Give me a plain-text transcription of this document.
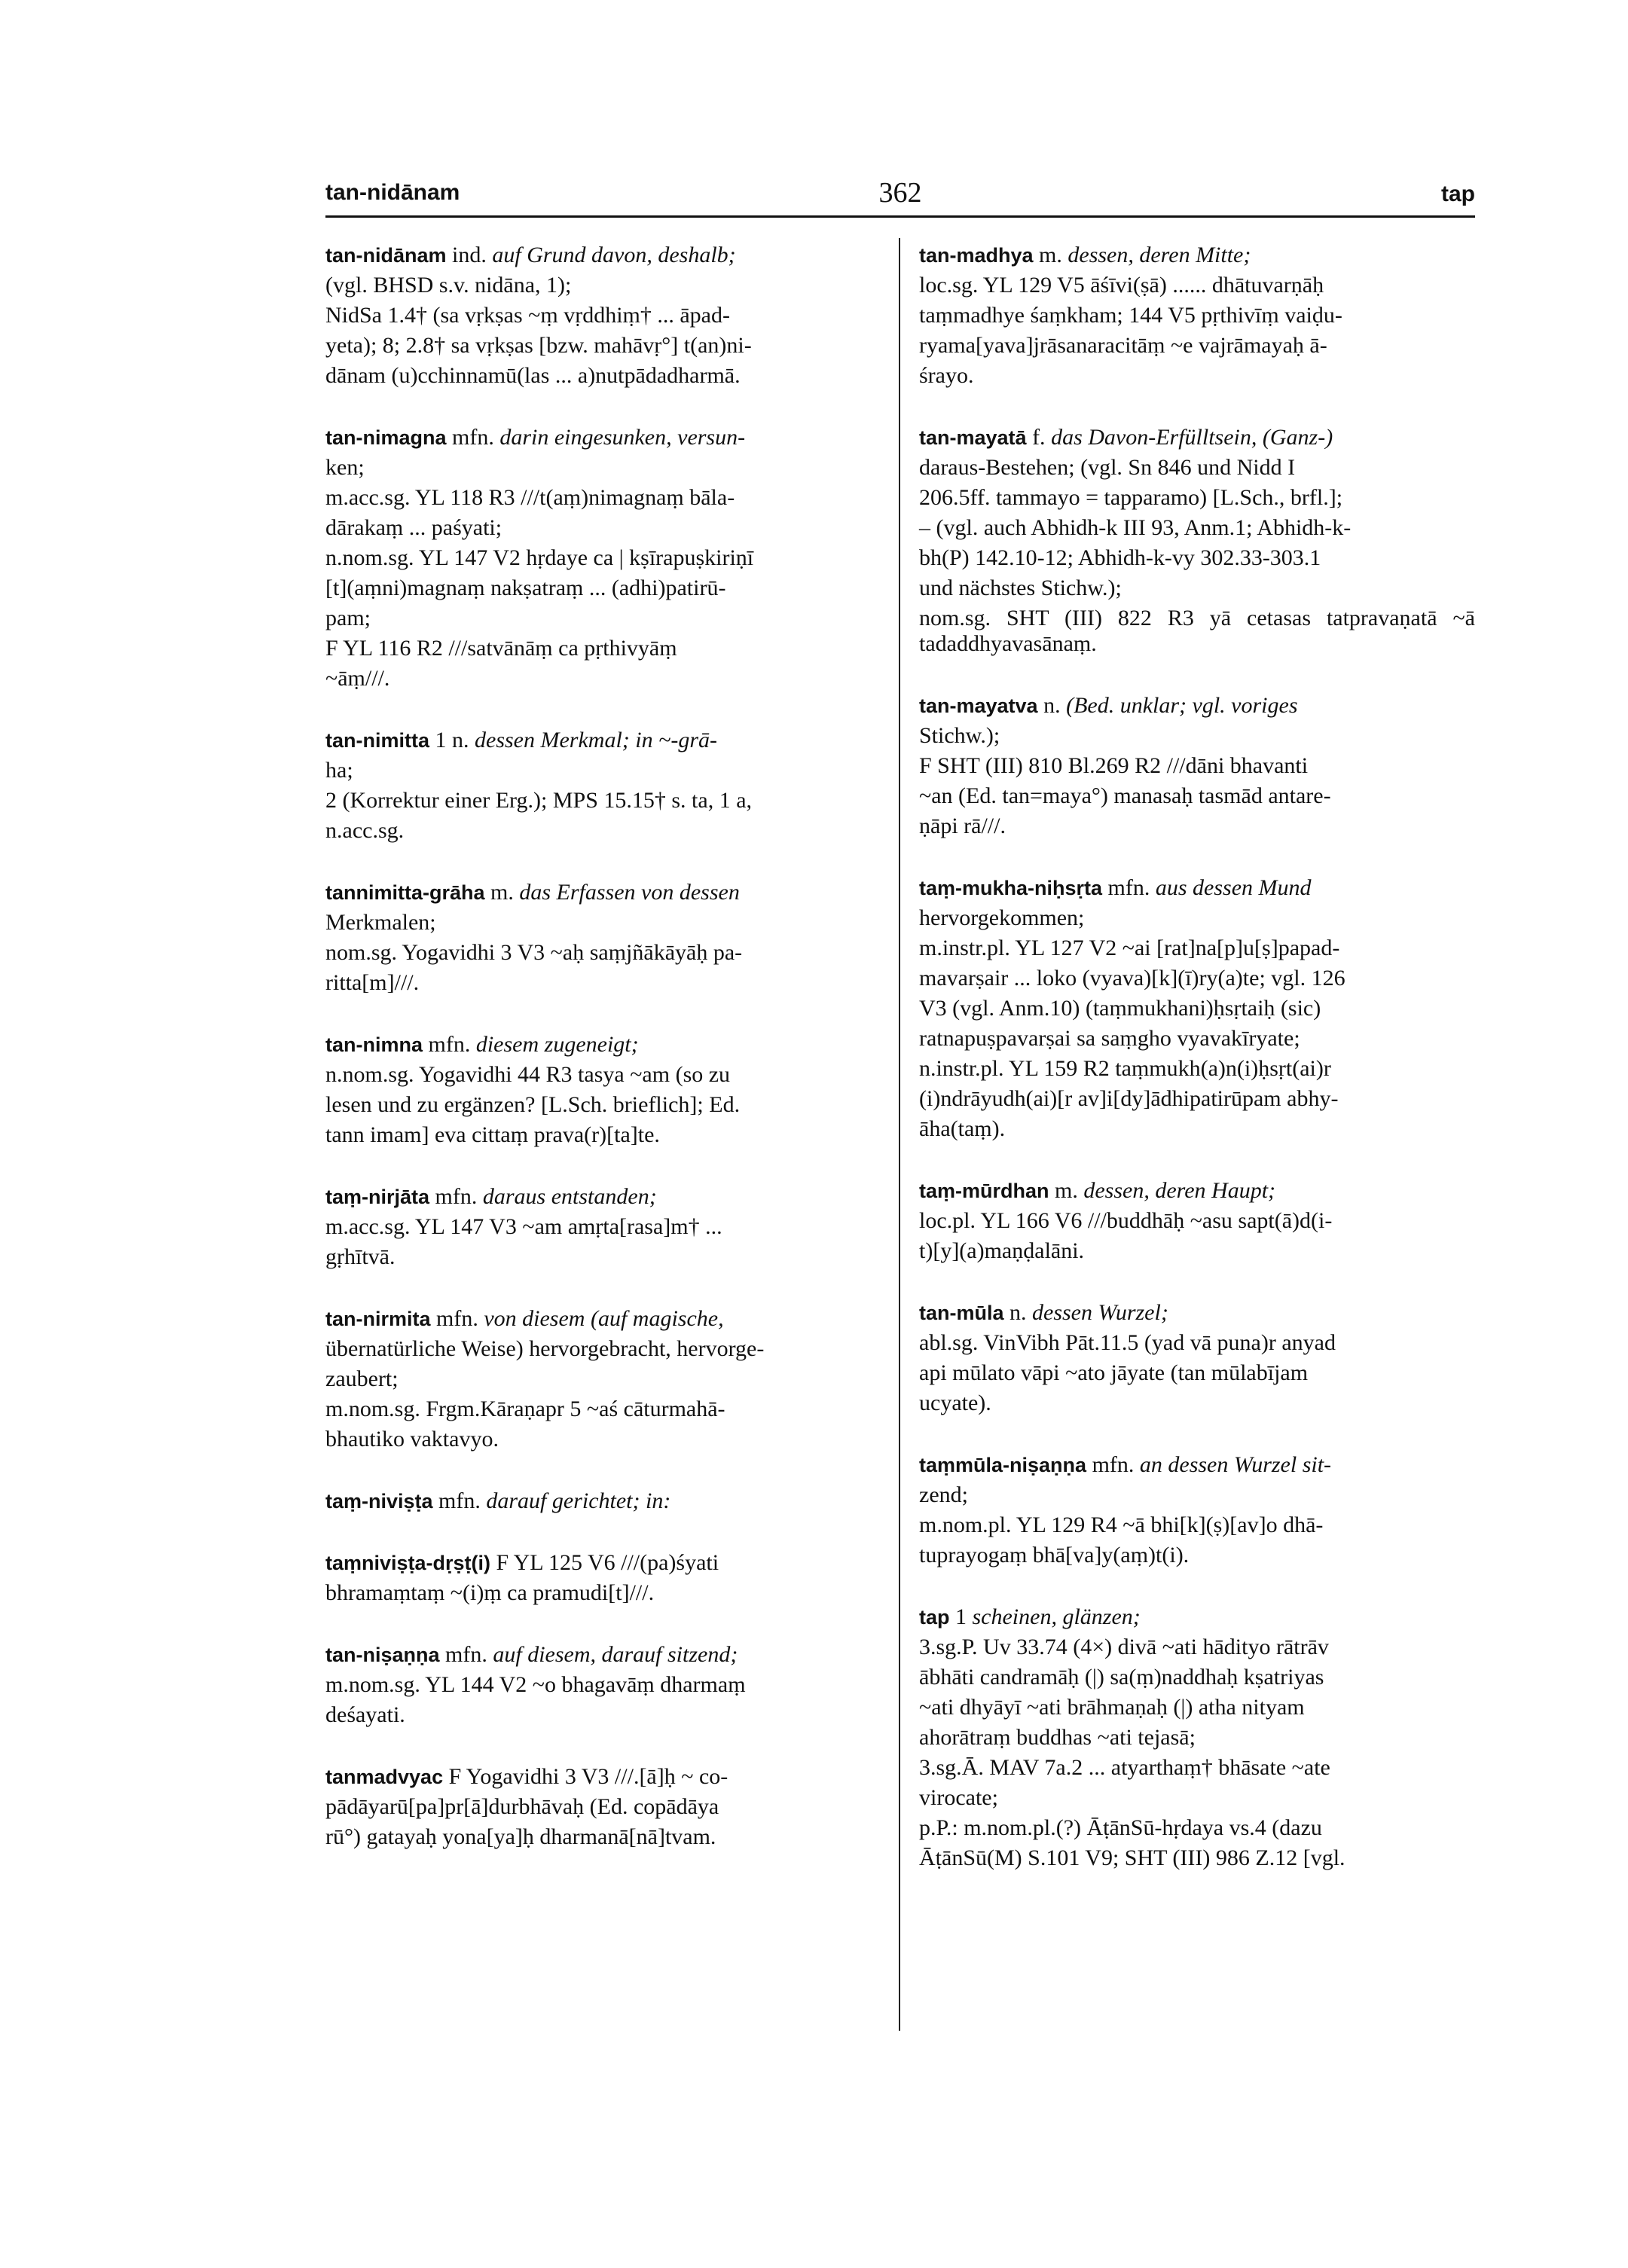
tan-nidānam	362	tap
tan-nidānam ind. auf Grund davon, deshalb;
(vgl. BHSD s.v. nidāna, 1);
NidSa 1.4† (sa vṛkṣas ~ṃ vṛddhiṃ† ... āpad-
yeta); 8; 2.8† sa vṛkṣas [bzw. mahāvṛ°] t(an)ni-
dānam (u)cchinnamū(las ... a)nutpādadharmā.
tan-nimagna mfn. darin eingesunken, versun-
ken;
m.acc.sg. YL 118 R3 ///t(aṃ)nimagnaṃ bāla-
dārakaṃ ... paśyati;
n.nom.sg. YL 147 V2 hṛdaye ca | kṣīrapuṣkiriṇī
[t](aṃni)magnaṃ nakṣatraṃ ... (adhi)patirū-
pam;
F YL 116 R2 ///satvānāṃ ca pṛthivyāṃ
~āṃ///.
tan-nimitta 1 n. dessen Merkmal; in ~-grā-
ha;
2 (Korrektur einer Erg.); MPS 15.15† s. ta, 1 a,
n.acc.sg.
tannimitta-grāha m. das Erfassen von dessen
Merkmalen;
nom.sg. Yogavidhi 3 V3 ~aḥ saṃjñākāyāḥ pa-
ritta[m]///.
tan-nimna mfn. diesem zugeneigt;
n.nom.sg. Yogavidhi 44 R3 tasya ~am (so zu
lesen und zu ergänzen? [L.Sch. brieflich]; Ed.
tann imam] eva cittaṃ prava(r)[ta]te.
taṃ-nirjāta mfn. daraus entstanden;
m.acc.sg. YL 147 V3 ~am amṛta[rasa]m† ...
gṛhītvā.
tan-nirmita mfn. von diesem (auf magische,
übernatürliche Weise) hervorgebracht, hervorge-
zaubert;
m.nom.sg. Frgm.Kāraṇapr 5 ~aś cāturmahā-
bhautiko vaktavyo.
taṃ-niviṣṭa mfn. darauf gerichtet; in:
taṃniviṣṭa-dṛṣṭ(i) F YL 125 V6 ///(pa)śyati
bhramaṃtaṃ ~(i)ṃ ca pramudi[t]///.
tan-niṣaṇṇa mfn. auf diesem, darauf sitzend;
m.nom.sg. YL 144 V2 ~o bhagavāṃ dharmaṃ
deśayati.
tanmadvyac F Yogavidhi 3 V3 ///.[ā]ḥ ~ co-
pādāyarū[pa]pr[ā]durbhāvaḥ (Ed. copādāya
rū°) gatayaḥ yona[ya]ḥ dharmanā[nā]tvam.
tan-madhya m. dessen, deren Mitte;
loc.sg. YL 129 V5 āśīvi(ṣā) ...... dhātuvarṇāḥ
taṃmadhye śaṃkham; 144 V5 pṛthivīṃ vaiḍu-
ryama[yava]jrāsanaracitāṃ ~e vajrāmayaḥ ā-
śrayo.
tan-mayatā f. das Davon-Erfülltsein, (Ganz-)
daraus-Bestehen; (vgl. Sn 846 und Nidd I
206.5ff. tammayo = tapparamo) [L.Sch., brfl.];
– (vgl. auch Abhidh-k III 93, Anm.1; Abhidh-k-
bh(P) 142.10-12; Abhidh-k-vy 302.33-303.1
und nächstes Stichw.);
nom.sg. SHT (III) 822 R3 yā cetasas tatpravaṇatā ~ā tadaddhyavasānaṃ.
tan-mayatva n. (Bed. unklar; vgl. voriges
Stichw.);
F SHT (III) 810 Bl.269 R2 ///dāni bhavanti
~an (Ed. tan=maya°) manasaḥ tasmād antare-
ṇāpi rā///.
taṃ-mukha-niḥsṛta mfn. aus dessen Mund
hervorgekommen;
m.instr.pl. YL 127 V2 ~ai [rat]na[p]u[ṣ]papad-
mavarṣair ... loko (vyava)[k](ī)ry(a)te; vgl. 126
V3 (vgl. Anm.10) (taṃmukhani)ḥsṛtaiḥ (sic)
ratnapuṣpavarṣai sa saṃgho vyavakīryate;
n.instr.pl. YL 159 R2 taṃmukh(a)n(i)ḥsṛt(ai)r
(i)ndrāyudh(ai)[r av]i[dy]ādhipatirūpam abhy-
āha(taṃ).
taṃ-mūrdhan m. dessen, deren Haupt;
loc.pl. YL 166 V6 ///buddhāḥ ~asu sapt(ā)d(i-
t)[y](a)maṇḍalāni.
tan-mūla n. dessen Wurzel;
abl.sg. VinVibh Pāt.11.5 (yad vā puna)r anyad
api mūlato vāpi ~ato jāyate (tan mūlabījam
ucyate).
taṃmūla-niṣaṇṇa mfn. an dessen Wurzel sit-
zend;
m.nom.pl. YL 129 R4 ~ā bhi[k](ṣ)[av]o dhā-
tuprayogaṃ bhā[va]y(aṃ)t(i).
tap 1 scheinen, glänzen;
3.sg.P. Uv 33.74 (4×) divā ~ati hādityo rātrāv
ābhāti candramāḥ (|) sa(ṃ)naddhaḥ kṣatriyas
~ati dhyāyī ~ati brāhmaṇaḥ (|) atha nityam
ahorātraṃ buddhas ~ati tejasā;
3.sg.Ā. MAV 7a.2 ... atyarthaṃ† bhāsate ~ate
virocate;
p.P.: m.nom.pl.(?) ĀṭānSū-hṛdaya vs.4 (dazu
ĀṭānSū(M) S.101 V9; SHT (III) 986 Z.12 [vgl.
